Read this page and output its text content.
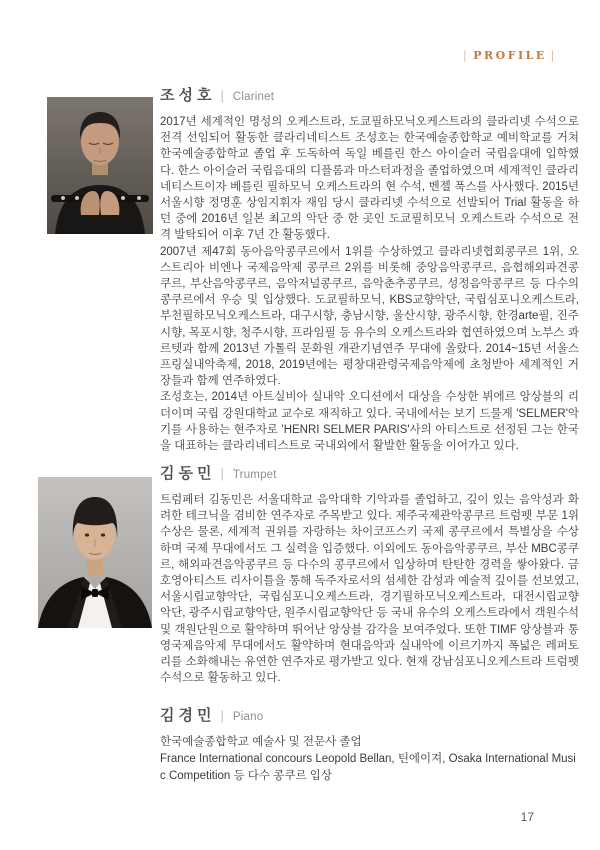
| PROFILE |
조성호 | Clarinet

2017년 세계적인 명성의 오케스트라, 도쿄필하모닉오케스트라의 클라리넷 수석으로 전격 선임되어 활동한 클라리네티스트 조성호는 한국예술종합학교 예비학교를 거쳐 한국예술종합학교 졸업 후 도독하여 독일 베를린 한스 아이슬러 국립음대에 입학했다. 한스 아이슬러 국립음대의 디플롬과 마스터과정을 졸업하였으며 세계적인 클라리네티스트이자 베를린 필하모닉 오케스트라의 현 수석, 벤젤 푹스를 사사했다. 2015년 서울시향 정명훈 상임지휘자 재임 당시 클라리넷 수석으로 선발되어 Trial 활동을 하던 중에 2016년 일본 최고의 악단 중 한 곳인 도쿄필히모닉 오케스트라 수석으로 전격 발탁되어 이후 7년 간 활동했다.

2007년 제47회 동아음악콩쿠르에서 1위를 수상하였고 클라리넷협회콩쿠르 1위, 오스트리아 비엔나 국제음악제 콩쿠르 2위를 비롯해 중앙음악콩쿠르, 음협해외파견콩쿠르, 부산음악콩쿠르, 음악저널콩쿠르, 음악춘추콩쿠르, 성정음악콩쿠르 등 다수의 콩쿠르에서 우승 및 입상했다. 도쿄필하모닉, KBS교향악단, 국립심포니오케스트라, 부천필하모닉오케스트라, 대구시향, 충남시향, 울산시향, 광주시향, 한경arte필, 진주시향, 목포시향, 청주시향, 프라임필 등 유수의 오케스트라와 협연하였으며 노부스 콰르텟과 함께 2013년 가톨릭 문화원 개관기념연주 무대에 올랐다. 2014~15년 서울스프링실내악축제, 2018, 2019년에는 평창대관령국제음악제에 초청받아 세계적인 거장들과 함께 연주하였다.

조성호는, 2014년 아트실비아 실내악 오디션에서 대상을 수상한 뷔에르 앙상블의 리더이며 국립 강원대학교 교수로 재직하고 있다. 국내에서는 보기 드물게 'SELMER'악기를 사용하는 현주자로 'HENRI SELMER PARIS'사의 아티스트로 선정된 그는 한국을 대표하는 클라리네티스트로 국내외에서 활발한 활동을 이어가고 있다.

김동민 | Trumpet

트럼페터 김동민은 서울대학교 음악대학 기악과를 졸업하고, 깊이 있는 음악성과 화려한 테크닉을 겸비한 연주자로 주목받고 있다. 제주국제관악콩쿠르 트럼펫 부문 1위 수상은 물론, 세계적 권위를 자랑하는 차이코프스키 국제 콩쿠르에서 특별상을 수상하며 국제 무대에서도 그 실력을 입증했다. 이외에도 동아음악콩쿠르, 부산 MBC콩쿠르, 해외파견음악콩쿠르 등 다수의 콩쿠르에서 입상하며 탄탄한 경력을 쌓아왔다. 금호영아티스트 리사이틀을 통해 독주자로서의 섬세한 감성과 예술적 깊이를 선보였고, 서울시립교향악단, 국립심포니오케스트라, 경기필하모닉오케스트라, 대전시립교향악단, 광주시립교향악단, 원주시립교향악단 등 국내 유수의 오케스트라에서 객원수석 및 객원단원으로 활약하며 뛰어난 앙상블 감각을 보여주었다. 또한 TIMF 앙상블과 통영국제음악제 무대에서도 활약하며 현대음악과 실내악에 이르기까지 폭넓은 레퍼토리를 소화해내는 유연한 연주자로 평가받고 있다. 현재 강남심포니오케스트라 트럼펫 수석으로 활동하고 있다.

김경민 | Piano

한국예술종합학교 예술사 및 전문사 졸업

France International concours Leopold Bellan, 틴에이져, Osaka International Music Competition 등 다수 콩쿠르 입상

17
